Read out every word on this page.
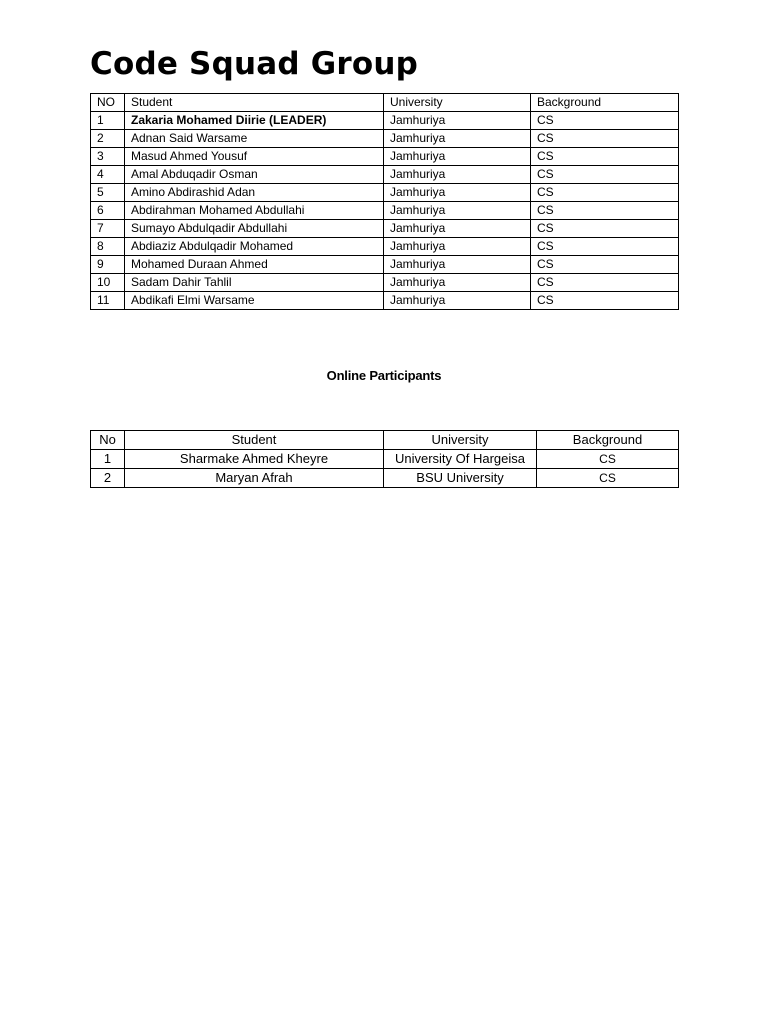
Code Squad Group
NO	Student	University	Background
1	Zakaria Mohamed Diirie (LEADER)	Jamhuriya	CS
2	Adnan Said Warsame	Jamhuriya	CS
3	Masud Ahmed Yousuf	Jamhuriya	CS
4	Amal Abduqadir Osman	Jamhuriya	CS
5	Amino Abdirashid Adan	Jamhuriya	CS
6	Abdirahman Mohamed Abdullahi	Jamhuriya	CS
7	Sumayo Abdulqadir Abdullahi	Jamhuriya	CS
8	Abdiaziz Abdulqadir Mohamed	Jamhuriya	CS
9	Mohamed Duraan Ahmed	Jamhuriya	CS
10	Sadam Dahir Tahlil	Jamhuriya	CS
11	Abdikafi Elmi Warsame	Jamhuriya	CS
Online Participants
No	Student	University	Background
1	Sharmake Ahmed Kheyre	University Of Hargeisa	CS
2	Maryan Afrah	BSU University	CS
